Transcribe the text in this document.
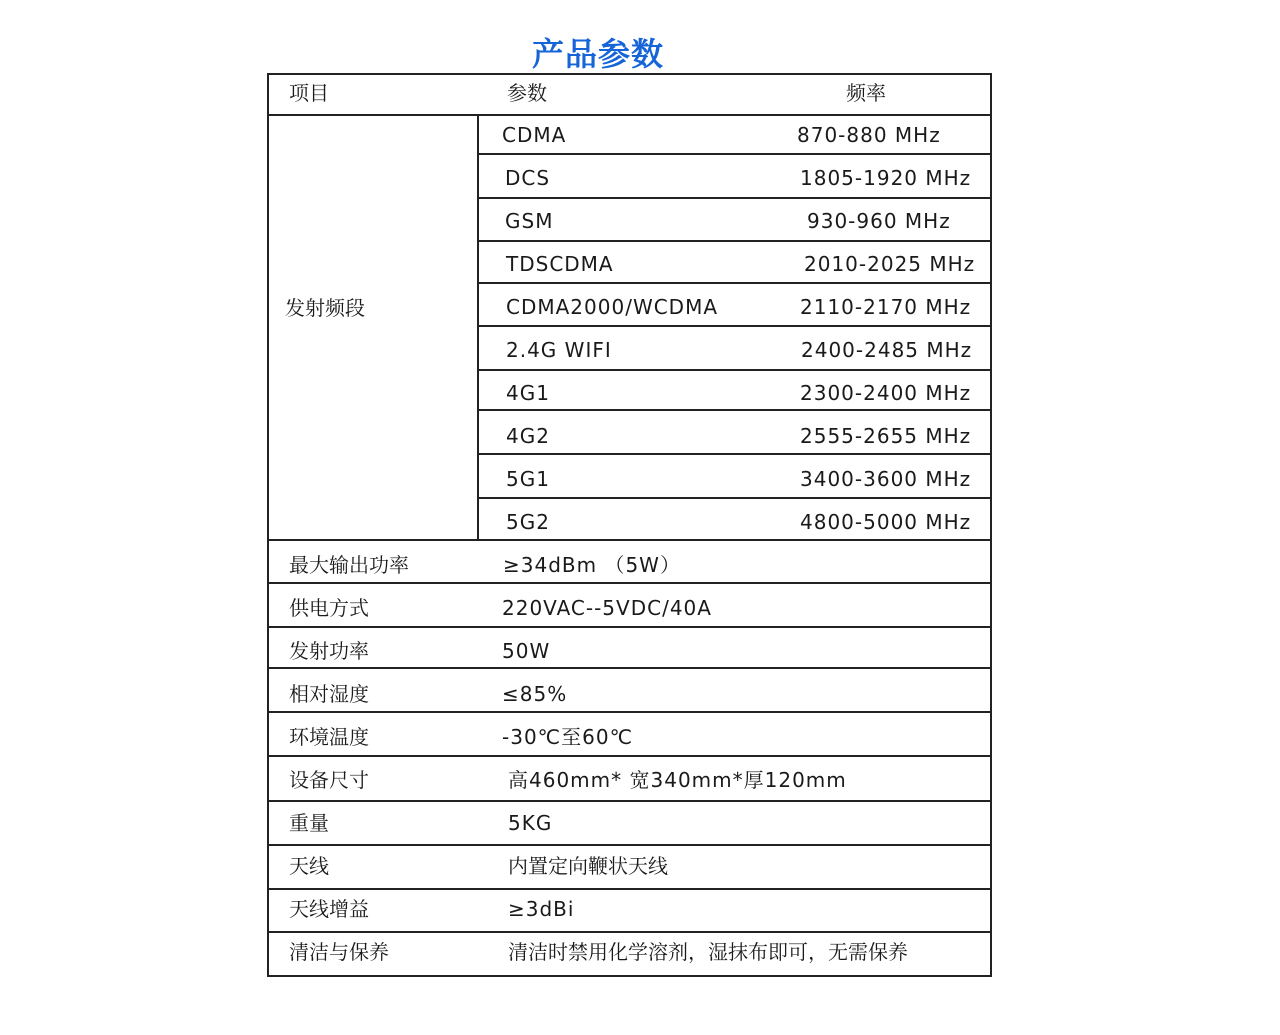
产品参数
项目	参数	频率
发射频段
CDMA	870-880 MHz
DCS	1805-1920 MHz
GSM	930-960 MHz
TDSCDMA	2010-2025 MHz
CDMA2000/WCDMA	2110-2170 MHz
2.4G WIFI	2400-2485 MHz
4G1	2300-2400 MHz
4G2	2555-2655 MHz
5G1	3400-3600 MHz
5G2	4800-5000 MHz
最大输出功率	≥34dBm （5W）
供电方式	220VAC--5VDC/40A
发射功率	50W
相对湿度	≤85%
环境温度	-30℃至60℃
设备尺寸	高460mm* 宽340mm*厚120mm
重量	5KG
天线	内置定向鞭状天线
天线增益	≥3dBi
清洁与保养	清洁时禁用化学溶剂，湿抹布即可，无需保养
